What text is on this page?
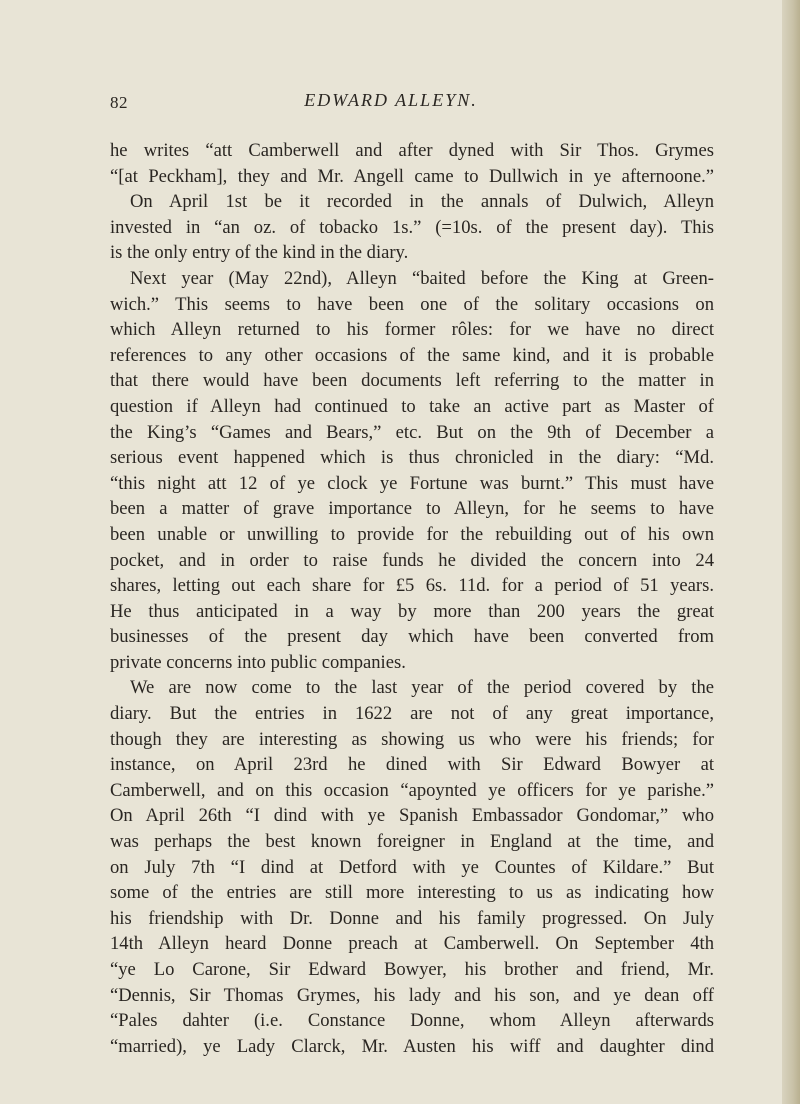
82	EDWARD ALLEYN.
he writes “att Camberwell and after dyned with Sir Thos. Grymes
“[at Peckham], they and Mr. Angell came to Dullwich in ye afternoone.”
On April 1st be it recorded in the annals of Dulwich, Alleyn
invested in “an oz. of tobacko 1s.” (=10s. of the present day). This
is the only entry of the kind in the diary.
Next year (May 22nd), Alleyn “baited before the King at Green-
wich.” This seems to have been one of the solitary occasions on
which Alleyn returned to his former rôles: for we have no direct
references to any other occasions of the same kind, and it is probable
that there would have been documents left referring to the matter in
question if Alleyn had continued to take an active part as Master of
the King’s “Games and Bears,” etc. But on the 9th of December a
serious event happened which is thus chronicled in the diary: “Md.
“this night att 12 of ye clock ye Fortune was burnt.” This must have
been a matter of grave importance to Alleyn, for he seems to have
been unable or unwilling to provide for the rebuilding out of his own
pocket, and in order to raise funds he divided the concern into 24
shares, letting out each share for £5 6s. 11d. for a period of 51 years.
He thus anticipated in a way by more than 200 years the great
businesses of the present day which have been converted from
private concerns into public companies.
We are now come to the last year of the period covered by the
diary. But the entries in 1622 are not of any great importance,
though they are interesting as showing us who were his friends; for
instance, on April 23rd he dined with Sir Edward Bowyer at
Camberwell, and on this occasion “apoynted ye officers for ye parishe.”
On April 26th “I dind with ye Spanish Embassador Gondomar,” who
was perhaps the best known foreigner in England at the time, and
on July 7th “I dind at Detford with ye Countes of Kildare.” But
some of the entries are still more interesting to us as indicating how
his friendship with Dr. Donne and his family progressed. On July
14th Alleyn heard Donne preach at Camberwell. On September 4th
“ye Lo Carone, Sir Edward Bowyer, his brother and friend, Mr.
“Dennis, Sir Thomas Grymes, his lady and his son, and ye dean off
“Pales dahter (i.e. Constance Donne, whom Alleyn afterwards
“married), ye Lady Clarck, Mr. Austen his wiff and daughter dind
